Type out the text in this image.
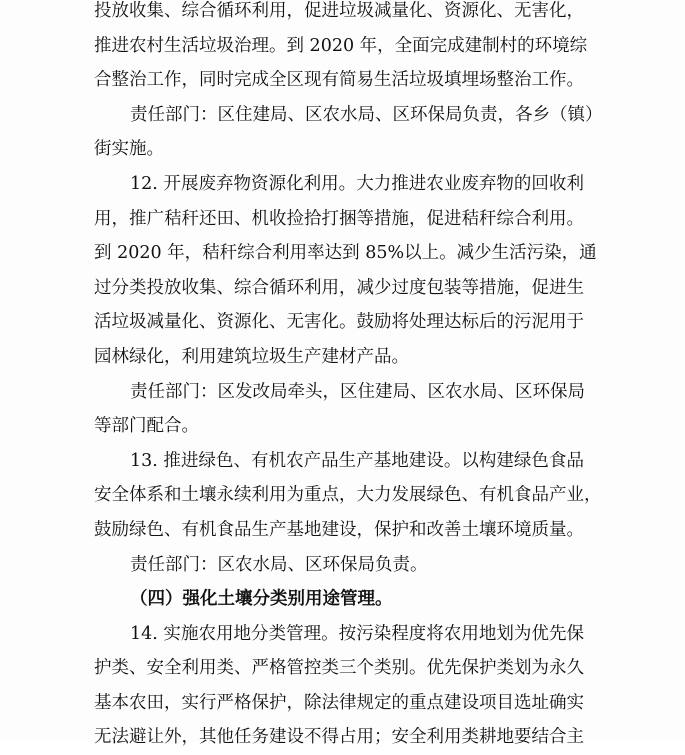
投放收集、综合循环利用，促进垃圾减量化、资源化、无害化，
推进农村生活垃圾治理。到 2020 年，全面完成建制村的环境综
合整治工作，同时完成全区现有简易生活垃圾填埋场整治工作。
责任部门：区住建局、区农水局、区环保局负责，各乡（镇）
街实施。
12. 开展废弃物资源化利用。大力推进农业废弃物的回收利
用，推广秸秆还田、机收捡拾打捆等措施，促进秸秆综合利用。
到 2020 年，秸秆综合利用率达到 85%以上。减少生活污染，通
过分类投放收集、综合循环利用，减少过度包装等措施，促进生
活垃圾减量化、资源化、无害化。鼓励将处理达标后的污泥用于
园林绿化，利用建筑垃圾生产建材产品。
责任部门：区发改局牵头，区住建局、区农水局、区环保局
等部门配合。
13. 推进绿色、有机农产品生产基地建设。以构建绿色食品
安全体系和土壤永续利用为重点，大力发展绿色、有机食品产业，
鼓励绿色、有机食品生产基地建设，保护和改善土壤环境质量。
责任部门：区农水局、区环保局负责。
（四）强化土壤分类别用途管理。
14. 实施农用地分类管理。按污染程度将农用地划为优先保
护类、安全利用类、严格管控类三个类别。优先保护类划为永久
基本农田，实行严格保护，除法律规定的重点建设项目选址确实
无法避让外，其他任务建设不得占用；安全利用类耕地要结合主
